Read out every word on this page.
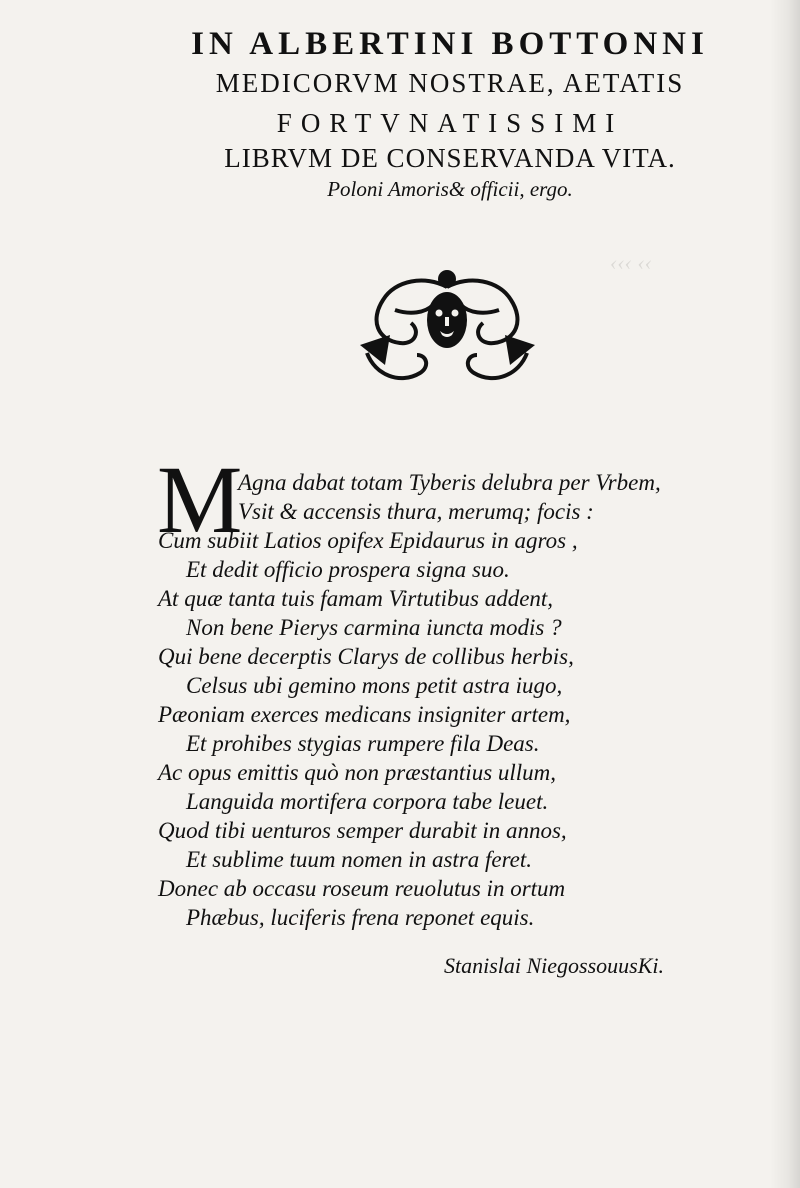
‹‹‹ ‹‹
IN ALBERTINI BOTTONNI
MEDICORVM NOSTRAE, AETATIS
FORTVNATISSIMI
LIBRVM DE CONSERVANDA VITA.
Poloni Amoris& officii, ergo.
M
Agna dabat totam Tyberis delubra per Vrbem,
Vsit & accensis thura, merumq; focis :
Cum subiit Latios opifex Epidaurus in agros ,
Et dedit officio prospera signa suo.
At quæ tanta tuis famam Virtutibus addent,
Non bene Pierys carmina iuncta modis ?
Qui bene decerptis Clarys de collibus herbis,
Celsus ubi gemino mons petit astra iugo,
Pæoniam exerces medicans insigniter artem,
Et prohibes stygias rumpere fila Deas.
Ac opus emittis quò non præstantius ullum,
Languida mortifera corpora tabe leuet.
Quod tibi uenturos semper durabit in annos,
Et sublime tuum nomen in astra feret.
Donec ab occasu roseum reuolutus in ortum
Phæbus, luciferis frena reponet equis.
Stanislai NiegossouusKi.
